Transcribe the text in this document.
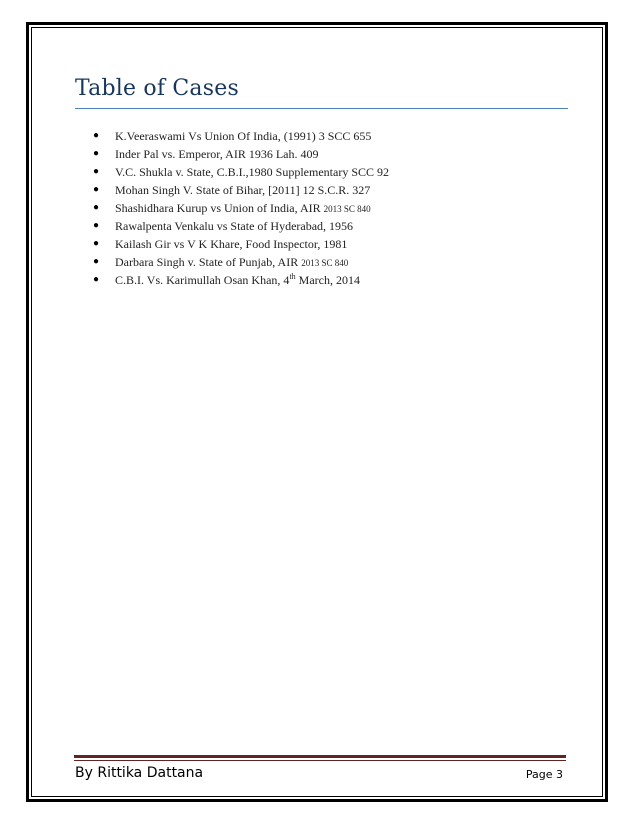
Table of Cases
● K.Veeraswami Vs Union Of India, (1991) 3 SCC 655
● Inder Pal vs. Emperor, AIR 1936 Lah. 409
● V.C. Shukla v. State, C.B.I.,1980 Supplementary SCC 92
● Mohan Singh V. State of Bihar, [2011] 12 S.C.R. 327
● Shashidhara Kurup vs Union of India, AIR 2013 SC 840
● Rawalpenta Venkalu vs State of Hyderabad, 1956
● Kailash Gir vs V K Khare, Food Inspector, 1981
● Darbara Singh v. State of Punjab, AIR 2013 SC 840
● C.B.I. Vs. Karimullah Osan Khan, 4th March, 2014
By Rittika Dattana	Page 3
